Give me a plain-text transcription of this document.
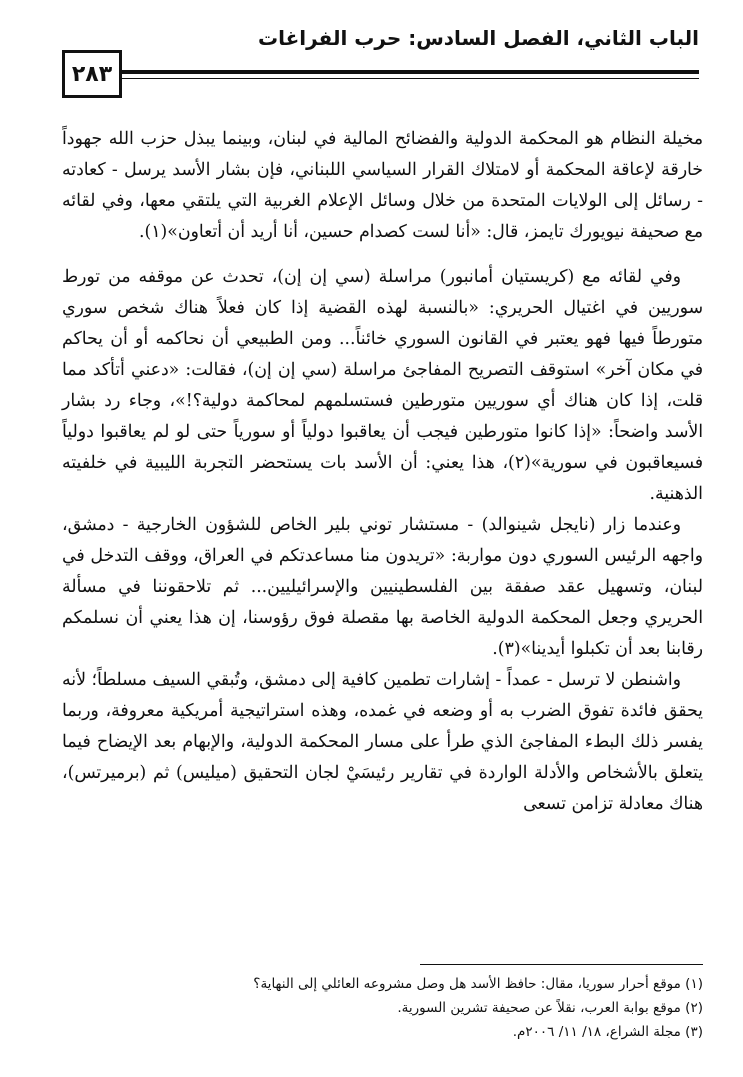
الباب الثاني، الفصل السادس: حرب الفراغات
٢٨٣

مخيلة النظام هو المحكمة الدولية والفضائح المالية في لبنان، وبينما يبذل حزب الله جهوداً خارقة لإعاقة المحكمة أو لامتلاك القرار السياسي اللبناني، فإن بشار الأسد يرسل - كعادته - رسائل إلى الولايات المتحدة من خلال وسائل الإعلام الغربية التي يلتقي معها، وفي لقائه مع صحيفة نيويورك تايمز، قال: «أنا لست كصدام حسين، أنا أريد أن أتعاون»(١).

وفي لقائه مع (كريستيان أمانبور) مراسلة (سي إن إن)، تحدث عن موقفه من تورط سوريين في اغتيال الحريري: «بالنسبة لهذه القضية إذا كان فعلاً هناك شخص سوري متورطاً فيها فهو يعتبر في القانون السوري خائناً... ومن الطبيعي أن نحاكمه أو أن يحاكم في مكان آخر» استوقف التصريح المفاجئ مراسلة (سي إن إن)، فقالت: «دعني أتأكد مما قلت، إذا كان هناك أي سوريين متورطين فستسلمهم لمحاكمة دولية؟!»، وجاء رد بشار الأسد واضحاً: «إذا كانوا متورطين فيجب أن يعاقبوا دولياً أو سورياً حتى لو لم يعاقبوا دولياً فسيعاقبون في سورية»(٢)، هذا يعني: أن الأسد بات يستحضر التجربة الليبية في خلفيته الذهنية.

وعندما زار (نايجل شينوالد) - مستشار توني بلير الخاص للشؤون الخارجية - دمشق، واجهه الرئيس السوري دون مواربة: «تريدون منا مساعدتكم في العراق، ووقف التدخل في لبنان، وتسهيل عقد صفقة بين الفلسطينيين والإسرائيليين... ثم تلاحقوننا في مسألة الحريري وجعل المحكمة الدولية الخاصة بها مقصلة فوق رؤوسنا، إن هذا يعني أن نسلمكم رقابنا بعد أن تكبلوا أيدينا»(٣).

واشنطن لا ترسل - عمداً - إشارات تطمين كافية إلى دمشق، وتُبقي السيف مسلطاً؛ لأنه يحقق فائدة تفوق الضرب به أو وضعه في غمده، وهذه استراتيجية أمريكية معروفة، وربما يفسر ذلك البطء المفاجئ الذي طرأ على مسار المحكمة الدولية، والإبهام بعد الإيضاح فيما يتعلق بالأشخاص والأدلة الواردة في تقارير رئيسَيْ لجان التحقيق (ميليس) ثم (برميرتس)، هناك معادلة تزامن تسعى

(١) موقع أحرار سوريا، مقال: حافظ الأسد هل وصل مشروعه العائلي إلى النهاية؟
(٢) موقع بوابة العرب، نقلاً عن صحيفة تشرين السورية.
(٣) مجلة الشراع، ١٨/ ١١/ ٢٠٠٦م.
